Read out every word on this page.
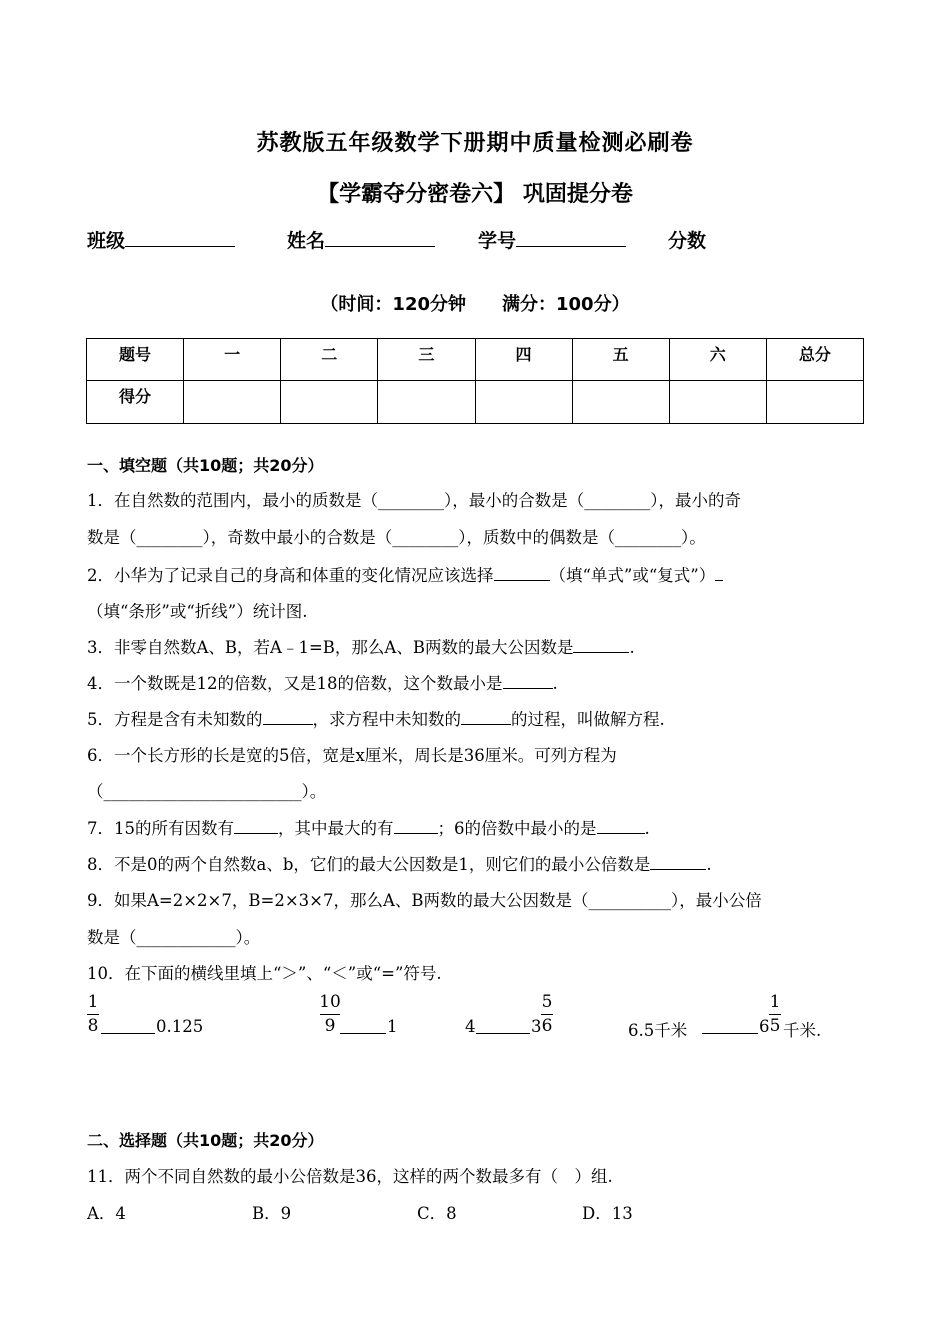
苏教版五年级数学下册期中质量检测必刷卷
【学霸夺分密卷六】 巩固提分卷
班级	姓名	学号	分数
（时间：120分钟　　满分：100分）
题号	一	二	三	四	五	六	总分
得分							
一、填空题（共10题；共20分）
1．在自然数的范围内，最小的质数是（________），最小的合数是（________），最小的奇
数是（________），奇数中最小的合数是（________），质数中的偶数是（________）。
2．小华为了记录自己的身高和体重的变化情况应该选择	（填“单式”或“复式”）
（填“条形”或“折线”）统计图.
3．非零自然数A、B，若A﹣1=B，那么A、B两数的最大公因数是	.
4．一个数既是12的倍数，又是18的倍数，这个数最小是	.
5．方程是含有未知数的	，求方程中未知数的	的过程，叫做解方程.
6．一个长方形的长是宽的5倍，宽是x厘米，周长是36厘米。可列方程为
（________________________）。
7．15的所有因数有	，其中最大的有	；6的倍数中最小的是	.
8．不是0的两个自然数a、b，它们的最大公因数是1，则它们的最小公倍数是	.
9．如果A=2×2×7，B=2×3×7，那么A、B两数的最大公因数是（__________），最小公倍
数是（____________）。
10．在下面的横线里填上“＞”、“＜”或“=”符号.
1
8	0.125
10
9	1	4	3
5
6	6.5千米	6
1
5 千米.
二、选择题（共10题；共20分）
11．两个不同自然数的最小公倍数是36，这样的两个数最多有（　）组.
A．4	B．9	C．8	D．13
